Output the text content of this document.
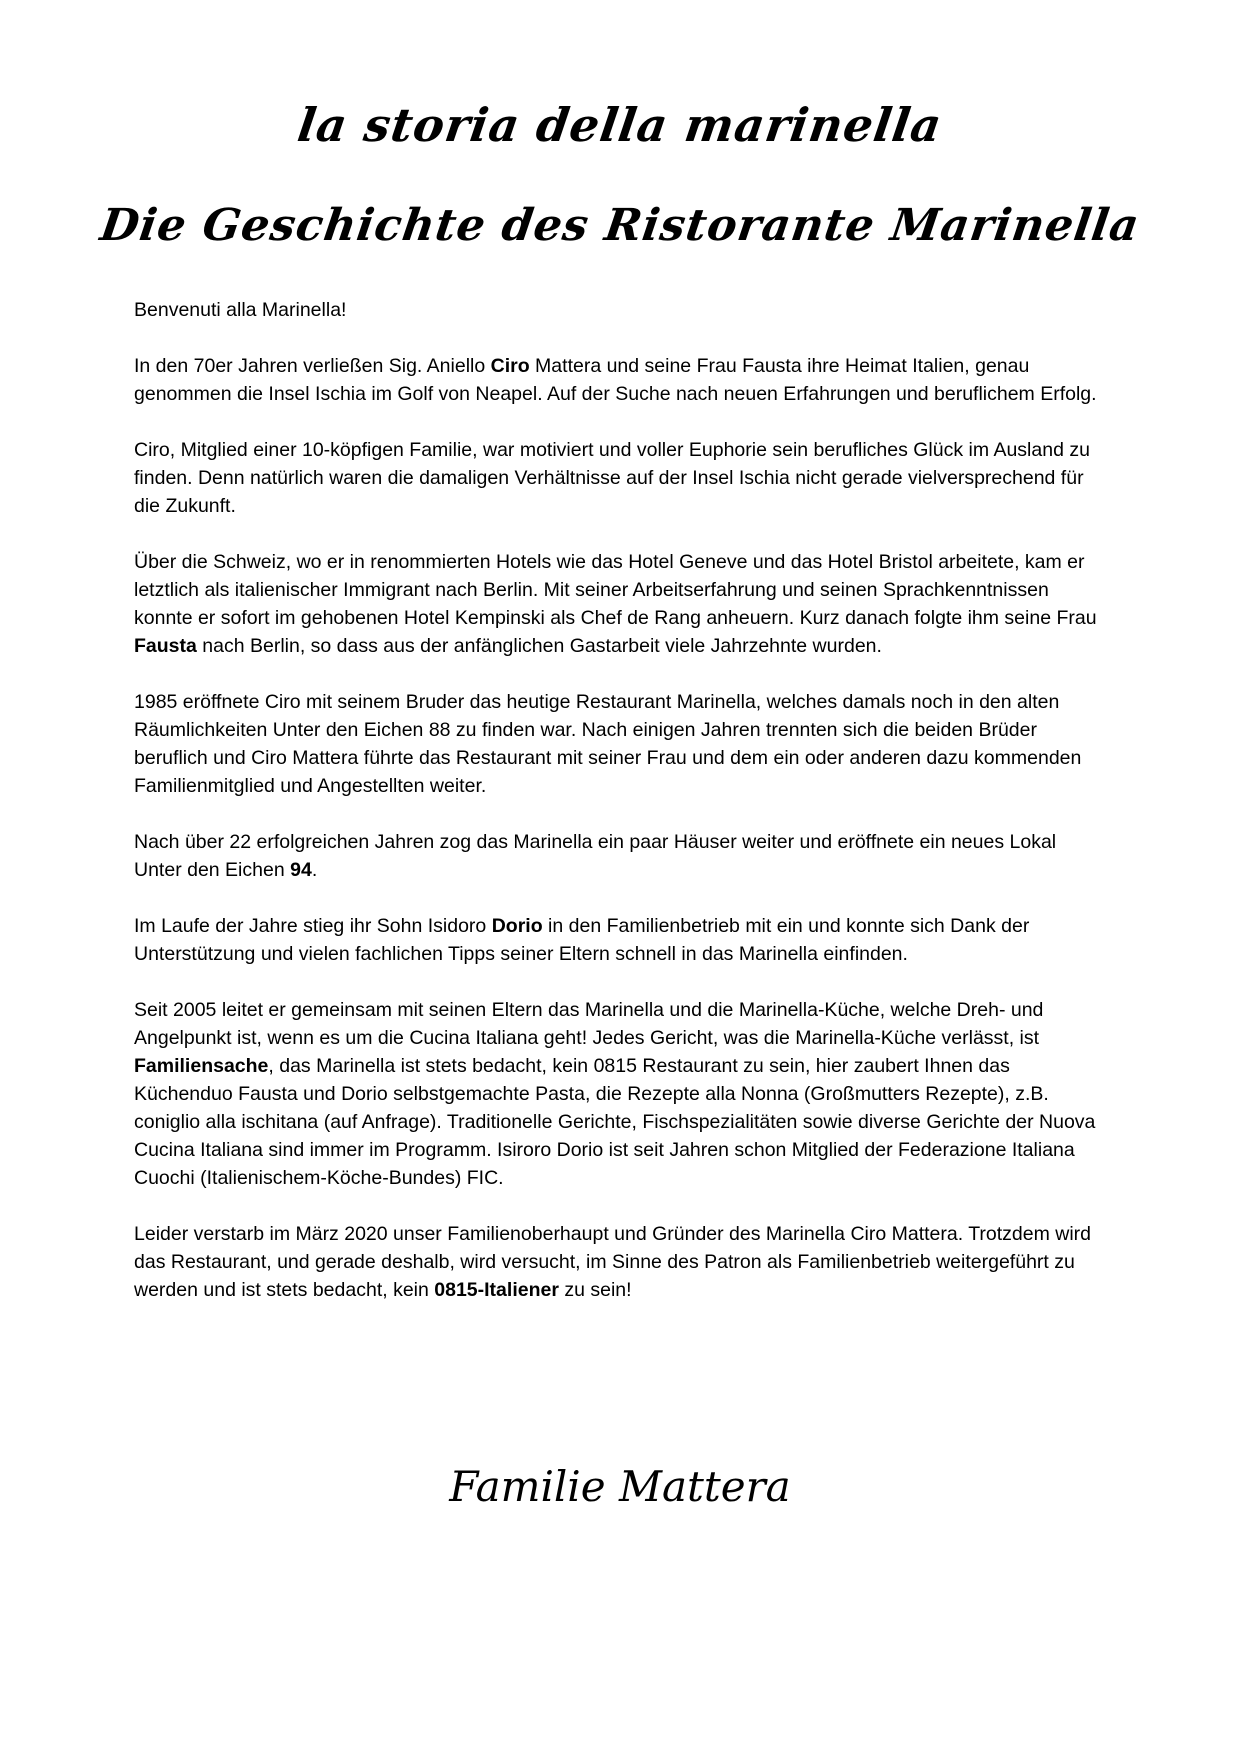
la storia della marinella
Die Geschichte des Ristorante Marinella

Benvenuti alla Marinella!

In den 70er Jahren verließen Sig. Aniello Ciro Mattera und seine Frau Fausta ihre Heimat Italien, genau genommen die Insel Ischia im Golf von Neapel. Auf der Suche nach neuen Erfahrungen und beruflichem Erfolg.

Ciro, Mitglied einer 10-köpfigen Familie, war motiviert und voller Euphorie sein berufliches Glück im Ausland zu finden. Denn natürlich waren die damaligen Verhältnisse auf der Insel Ischia nicht gerade vielversprechend für die Zukunft.

Über die Schweiz, wo er in renommierten Hotels wie das Hotel Geneve und das Hotel Bristol arbeitete, kam er letztlich als italienischer Immigrant nach Berlin. Mit seiner Arbeitserfahrung und seinen Sprachkenntnissen konnte er sofort im gehobenen Hotel Kempinski als Chef de Rang anheuern. Kurz danach folgte ihm seine Frau Fausta nach Berlin, so dass aus der anfänglichen Gastarbeit viele Jahrzehnte wurden.

1985 eröffnete Ciro mit seinem Bruder das heutige Restaurant Marinella, welches damals noch in den alten Räumlichkeiten Unter den Eichen 88 zu finden war. Nach einigen Jahren trennten sich die beiden Brüder beruflich und Ciro Mattera führte das Restaurant mit seiner Frau und dem ein oder anderen dazu kommenden Familienmitglied und Angestellten weiter.

Nach über 22 erfolgreichen Jahren zog das Marinella ein paar Häuser weiter und eröffnete ein neues Lokal Unter den Eichen 94.

Im Laufe der Jahre stieg ihr Sohn Isidoro Dorio in den Familienbetrieb mit ein und konnte sich Dank der Unterstützung und vielen fachlichen Tipps seiner Eltern schnell in das Marinella einfinden.

Seit 2005 leitet er gemeinsam mit seinen Eltern das Marinella und die Marinella-Küche, welche Dreh- und Angelpunkt ist, wenn es um die Cucina Italiana geht! Jedes Gericht, was die Marinella-Küche verlässt, ist Familiensache, das Marinella ist stets bedacht, kein 0815 Restaurant zu sein, hier zaubert Ihnen das Küchenduo Fausta und Dorio selbstgemachte Pasta, die Rezepte alla Nonna (Großmutters Rezepte), z.B. coniglio alla ischitana (auf Anfrage). Traditionelle Gerichte, Fischspezialitäten sowie diverse Gerichte der Nuova Cucina Italiana sind immer im Programm. Isiroro Dorio ist seit Jahren schon Mitglied der Federazione Italiana Cuochi (Italienischem-Köche-Bundes) FIC.

Leider verstarb im März 2020 unser Familienoberhaupt und Gründer des Marinella Ciro Mattera. Trotzdem wird das Restaurant, und gerade deshalb, wird versucht, im Sinne des Patron als Familienbetrieb weitergeführt zu werden und ist stets bedacht, kein 0815-Italiener zu sein!

Familie Mattera
